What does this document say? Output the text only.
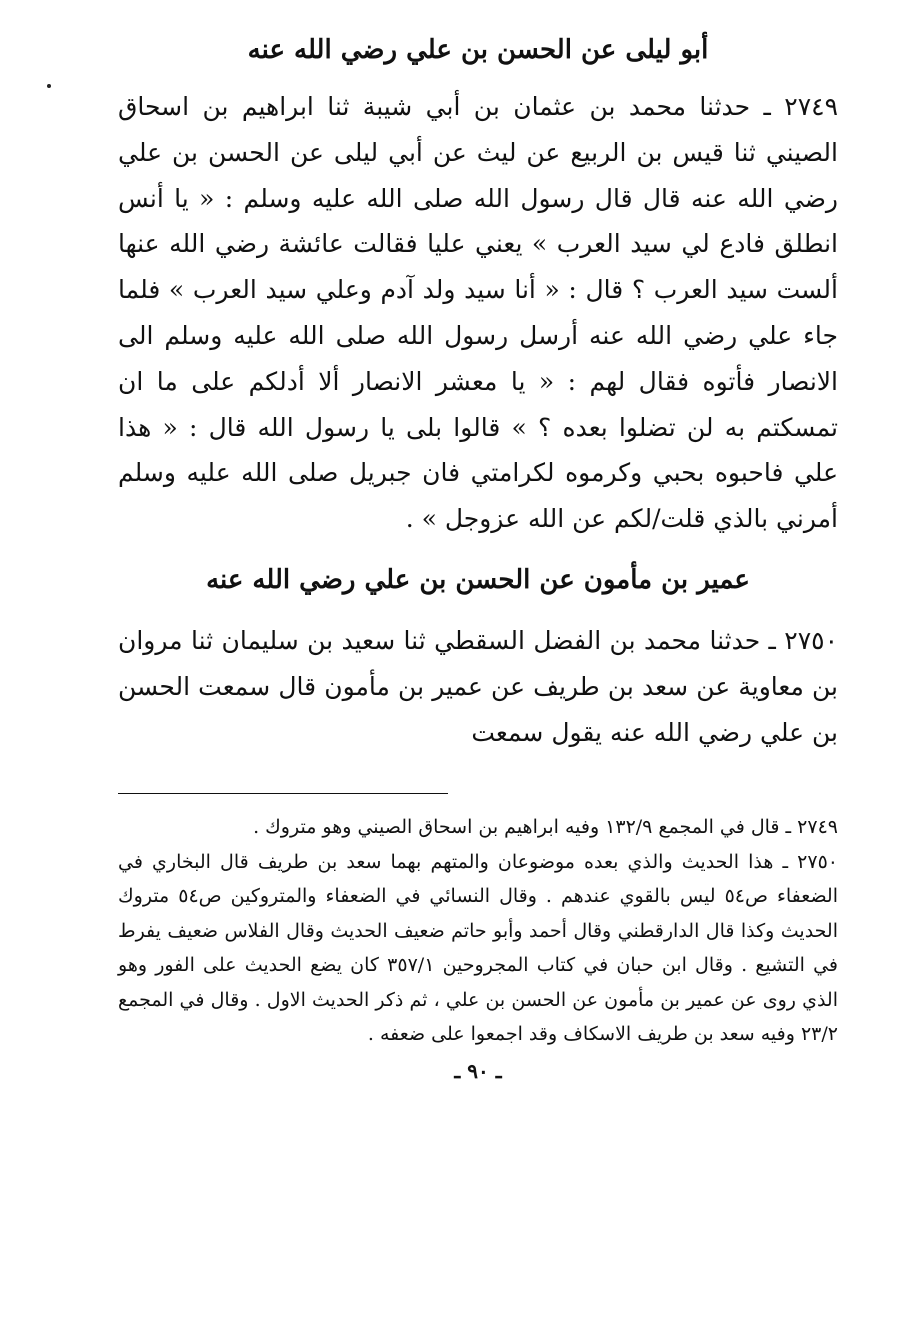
أبو ليلى عن الحسن بن علي رضي الله عنه

٢٧٤٩ ـ حدثنا محمد بن عثمان بن أبي شيبة ثنا ابراهيم بن اسحاق الصيني ثنا قيس بن الربيع عن ليث عن أبي ليلى عن الحسن بن علي رضي الله عنه قال قال رسول الله صلى الله عليه وسلم : « يا أنس انطلق فادع لي سيد العرب » يعني عليا فقالت عائشة رضي الله عنها ألست سيد العرب ؟ قال : « أنا سيد ولد آدم وعلي سيد العرب » فلما جاء علي رضي الله عنه أرسل رسول الله صلى الله عليه وسلم الى الانصار فأتوه فقال لهم : « يا معشر الانصار ألا أدلكم على ما ان تمسكتم به لن تضلوا بعده ؟ » قالوا بلى يا رسول الله قال : « هذا علي فاحبوه بحبي وكرموه لكرامتي فان جبريل صلى الله عليه وسلم أمرني بالذي قلت/لكم عن الله عزوجل » .

عمير بن مأمون عن الحسن بن علي رضي الله عنه

٢٧٥٠ ـ حدثنا محمد بن الفضل السقطي ثنا سعيد بن سليمان ثنا مروان بن معاوية عن سعد بن طريف عن عمير بن مأمون قال سمعت الحسن بن علي رضي الله عنه يقول سمعت

٢٧٤٩ ـ قال في المجمع ١٣٢/٩ وفيه ابراهيم بن اسحاق الصيني وهو متروك .

٢٧٥٠ ـ هذا الحديث والذي بعده موضوعان والمتهم بهما سعد بن طريف قال البخاري في الضعفاء ص٥٤ ليس بالقوي عندهم . وقال النسائي في الضعفاء والمتروكين ص٥٤ متروك الحديث وكذا قال الدارقطني وقال أحمد وأبو حاتم ضعيف الحديث وقال الفلاس ضعيف يفرط في التشيع . وقال ابن حبان في كتاب المجروحين ٣٥٧/١ كان يضع الحديث على الفور وهو الذي روى عن عمير بن مأمون عن الحسن بن علي ، ثم ذكر الحديث الاول . وقال في المجمع ٢٣/٢ وفيه سعد بن طريف الاسكاف وقد اجمعوا على ضعفه .

ـ ٩٠ ـ
